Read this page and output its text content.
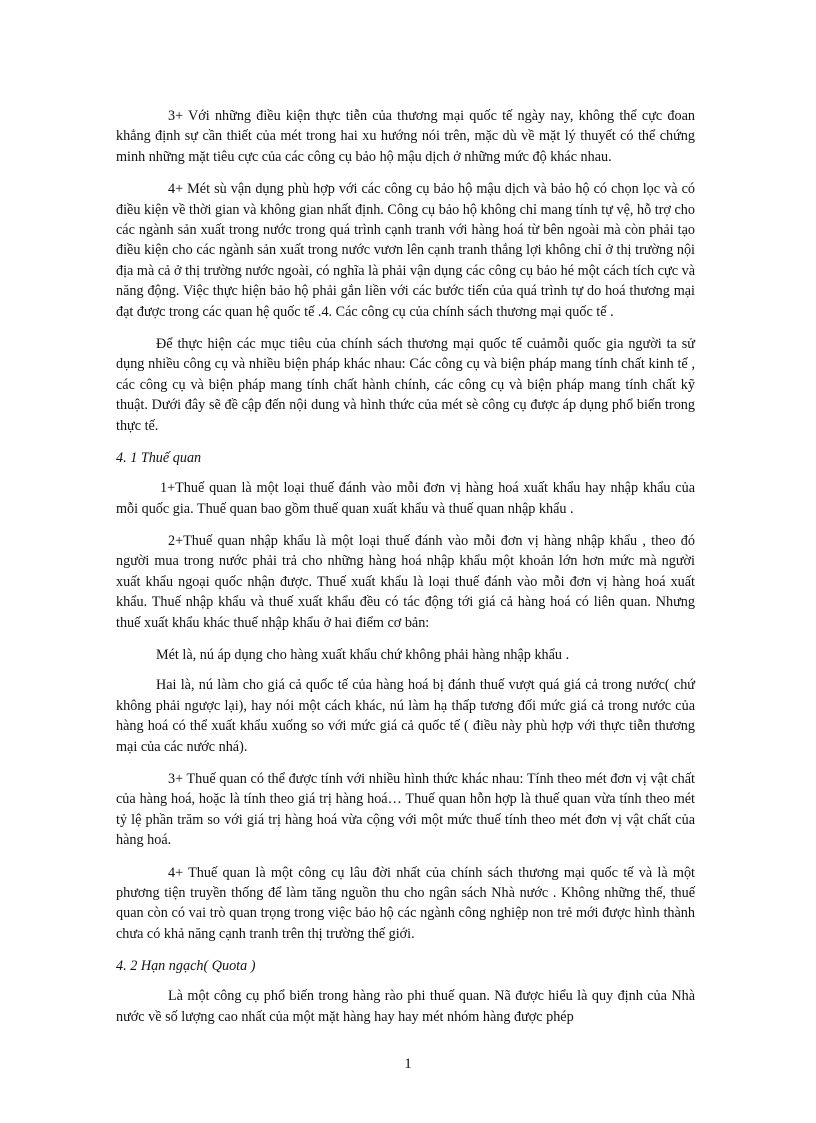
3+ Với những điều kiện thực tiễn của thương mại quốc tế ngày nay, không thể cực đoan khẳng định sự cần thiết của mét trong hai xu hướng nói trên, mặc dù về mặt lý thuyết có thể chứng minh những mặt tiêu cực của các công cụ bảo hộ mậu dịch ở những mức độ khác nhau.

4+ Mét sù vận dụng phù hợp với các công cụ bảo hộ mậu dịch và bảo hộ có chọn lọc và có điều kiện về thời gian và không gian nhất định. Công cụ bảo hộ không chỉ mang tính tự vệ, hỗ trợ cho các ngành sản xuất trong nước trong quá trình cạnh tranh với hàng hoá từ bên ngoài mà còn phải tạo điều kiện cho các ngành sản xuất trong nước vươn lên cạnh tranh thắng lợi không chỉ ở thị trường nội địa mà cả ở thị trường nước ngoài, có nghĩa là phải vận dụng các công cụ bảo hé một cách tích cực và năng động. Việc thực hiện bảo hộ phải gắn liền với các bước tiến của quá trình tự do hoá thương mại đạt được trong các quan hệ quốc tế .4. Các công cụ của chính sách thương mại quốc tế .

Để thực hiện các mục tiêu của chính sách thương mại quốc tế cuảmỗi quốc gia người ta sử dụng nhiều công cụ và nhiều biện pháp khác nhau: Các công cụ và biện pháp mang tính chất kinh tế , các công cụ và biện pháp mang tính chất hành chính, các công cụ và biện pháp mang tính chất kỹ thuật. Dưới đây sẽ đề cập đến nội dung và hình thức của mét sè công cụ được áp dụng phổ biến trong thực tế.

4. 1 Thuế quan

1+Thuế quan là một loại thuế đánh vào mỗi đơn vị hàng hoá xuất khẩu hay nhập khẩu của mỗi quốc gia. Thuế quan bao gồm thuế quan xuất khẩu và thuế quan nhập khẩu .

2+Thuế quan nhập khẩu là một loại thuế đánh vào mỗi đơn vị hàng nhập khẩu , theo đó người mua trong nước phải trả cho những hàng hoá nhập khẩu một khoản lớn hơn mức mà người xuất khẩu ngoại quốc nhận được. Thuế xuất khẩu là loại thuế đánh vào mỗi đơn vị hàng hoá xuất khẩu. Thuế nhập khẩu và thuế xuất khẩu đều có tác động tới giá cả hàng hoá có liên quan. Nhưng thuế xuất khẩu khác thuế nhập khẩu ở hai điểm cơ bản:

Mét là, nú áp dụng cho hàng xuất khẩu chứ không phải hàng nhập khẩu .

Hai là, nú làm cho giá cả quốc tế của hàng hoá bị đánh thuế vượt quá giá cả trong nước( chứ không phải ngược lại), hay nói một cách khác, nú làm hạ thấp tương đối mức giá cả trong nước của hàng hoá có thể xuất khẩu xuống so với mức giá cả quốc tế ( điều này phù hợp với thực tiễn thương mại của các nước nhá).

3+ Thuế quan có thể được tính với nhiều hình thức khác nhau: Tính theo mét đơn vị vật chất của hàng hoá, hoặc là tính theo giá trị hàng hoá… Thuế quan hỗn hợp là thuế quan vừa tính theo mét tỷ lệ phần trăm so với giá trị hàng hoá vừa cộng với một mức thuế tính theo mét đơn vị vật chất của hàng hoá.

4+ Thuế quan là một công cụ lâu đời nhất của chính sách thương mại quốc tế và là một phương tiện truyền thống để làm tăng nguồn thu cho ngân sách Nhà nước . Không những thế, thuế quan còn có vai trò quan trọng trong việc bảo hộ các ngành công nghiệp non trẻ mới được hình thành chưa có khả năng cạnh tranh trên thị trường thế giới.

4. 2 Hạn ngạch( Quota )

Là một công cụ phổ biến trong hàng rào phi thuế quan. Nã được hiểu là quy định của Nhà nước về số lượng cao nhất của một mặt hàng hay hay mét nhóm hàng được phép

1
